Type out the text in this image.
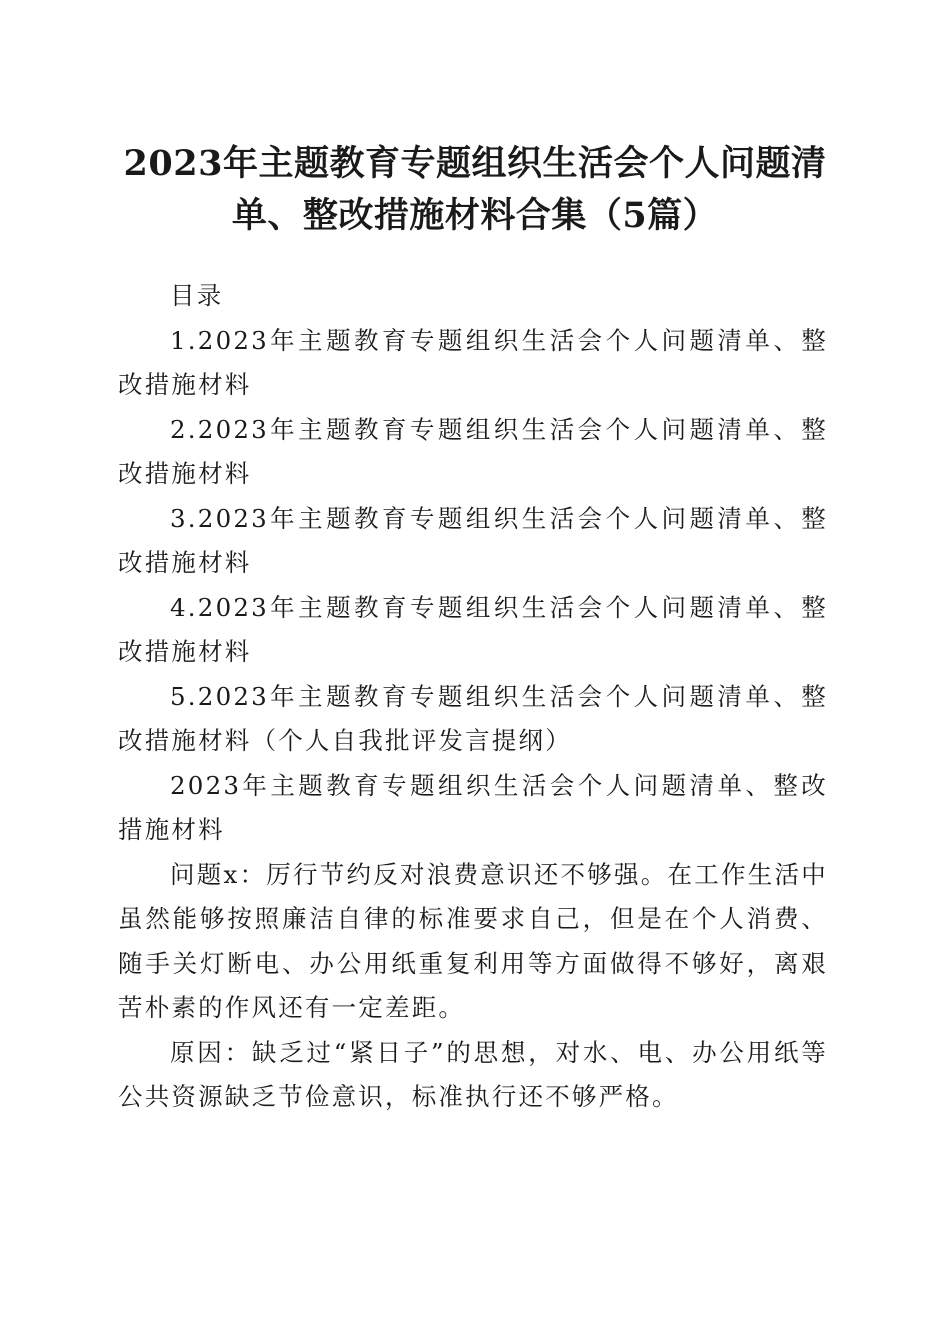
2023年主题教育专题组织生活会个人问题清单、整改措施材料合集（5篇）

目录

1.2023年主题教育专题组织生活会个人问题清单、整改措施材料

2.2023年主题教育专题组织生活会个人问题清单、整改措施材料

3.2023年主题教育专题组织生活会个人问题清单、整改措施材料

4.2023年主题教育专题组织生活会个人问题清单、整改措施材料

5.2023年主题教育专题组织生活会个人问题清单、整改措施材料（个人自我批评发言提纲）

2023年主题教育专题组织生活会个人问题清单、整改措施材料

问题x：厉行节约反对浪费意识还不够强。在工作生活中虽然能够按照廉洁自律的标准要求自己，但是在个人消费、随手关灯断电、办公用纸重复利用等方面做得不够好，离艰苦朴素的作风还有一定差距。

原因：缺乏过“紧日子”的思想，对水、电、办公用纸等公共资源缺乏节俭意识，标准执行还不够严格。
